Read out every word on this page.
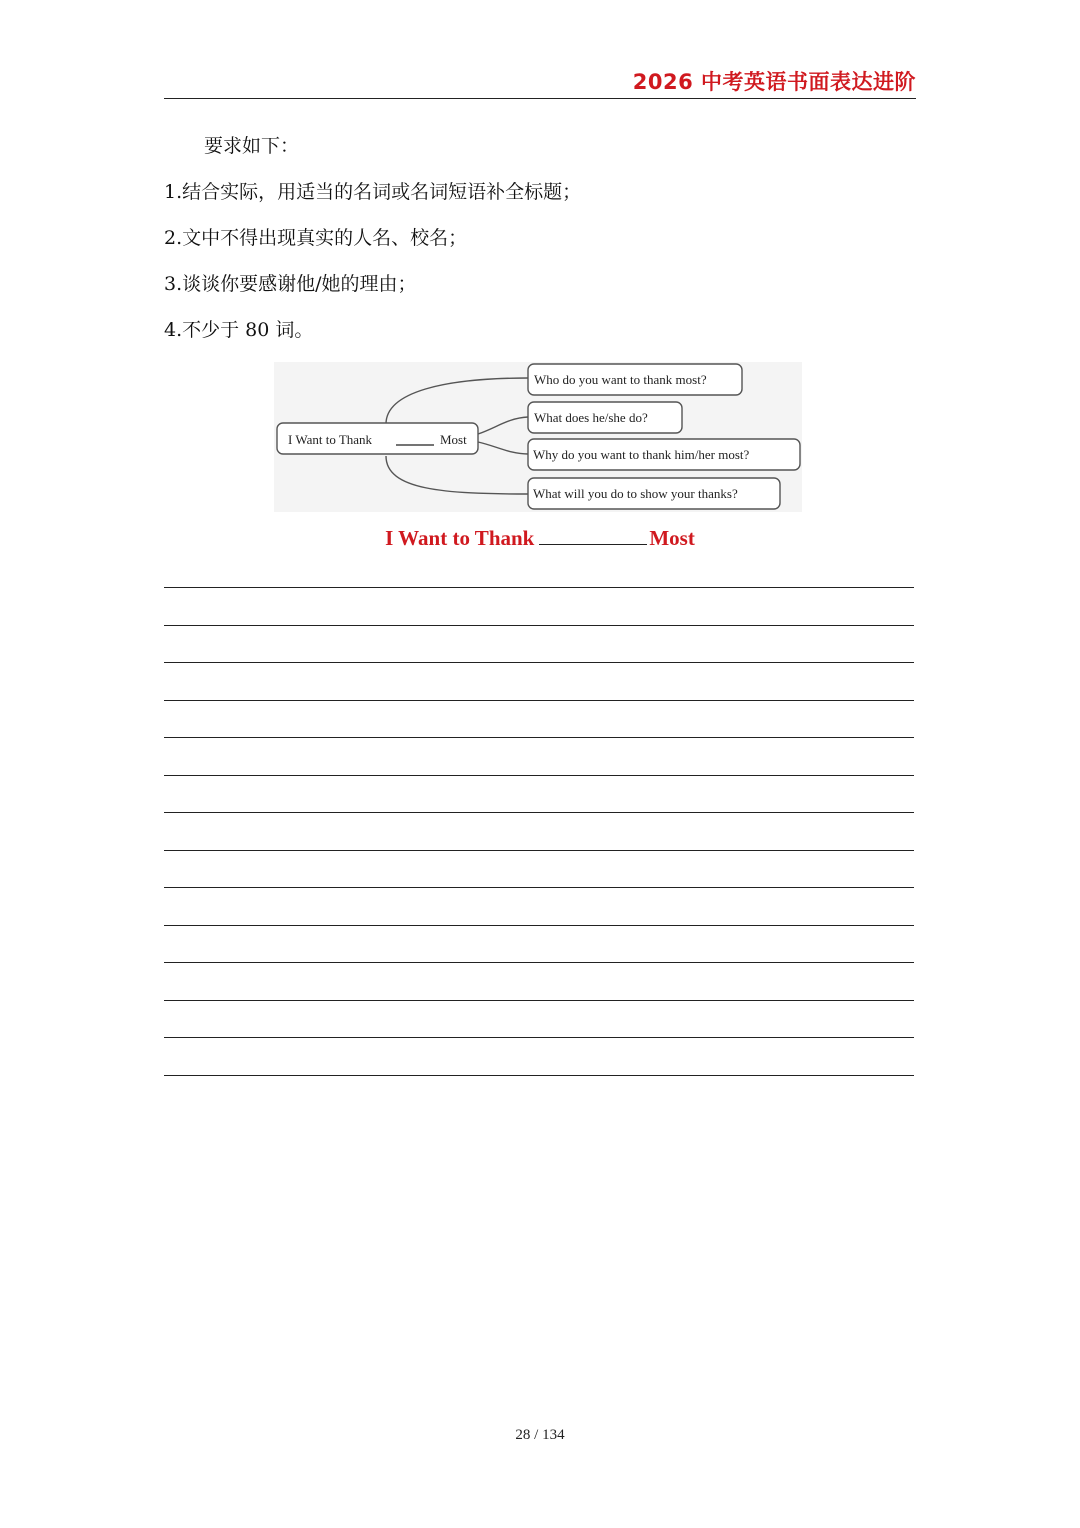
2026 中考英语书面表达进阶
要求如下：
1.结合实际，用适当的名词或名词短语补全标题；
2.文中不得出现真实的人名、校名；
3.谈谈你要感谢他/她的理由；
4.不少于 80 词。
I Want to Thank	Most
Who do you want to thank most?
What does he/she do?
Why do you want to thank him/her most?
What will you do to show your thanks?
I Want to Thank	Most
28 / 134
